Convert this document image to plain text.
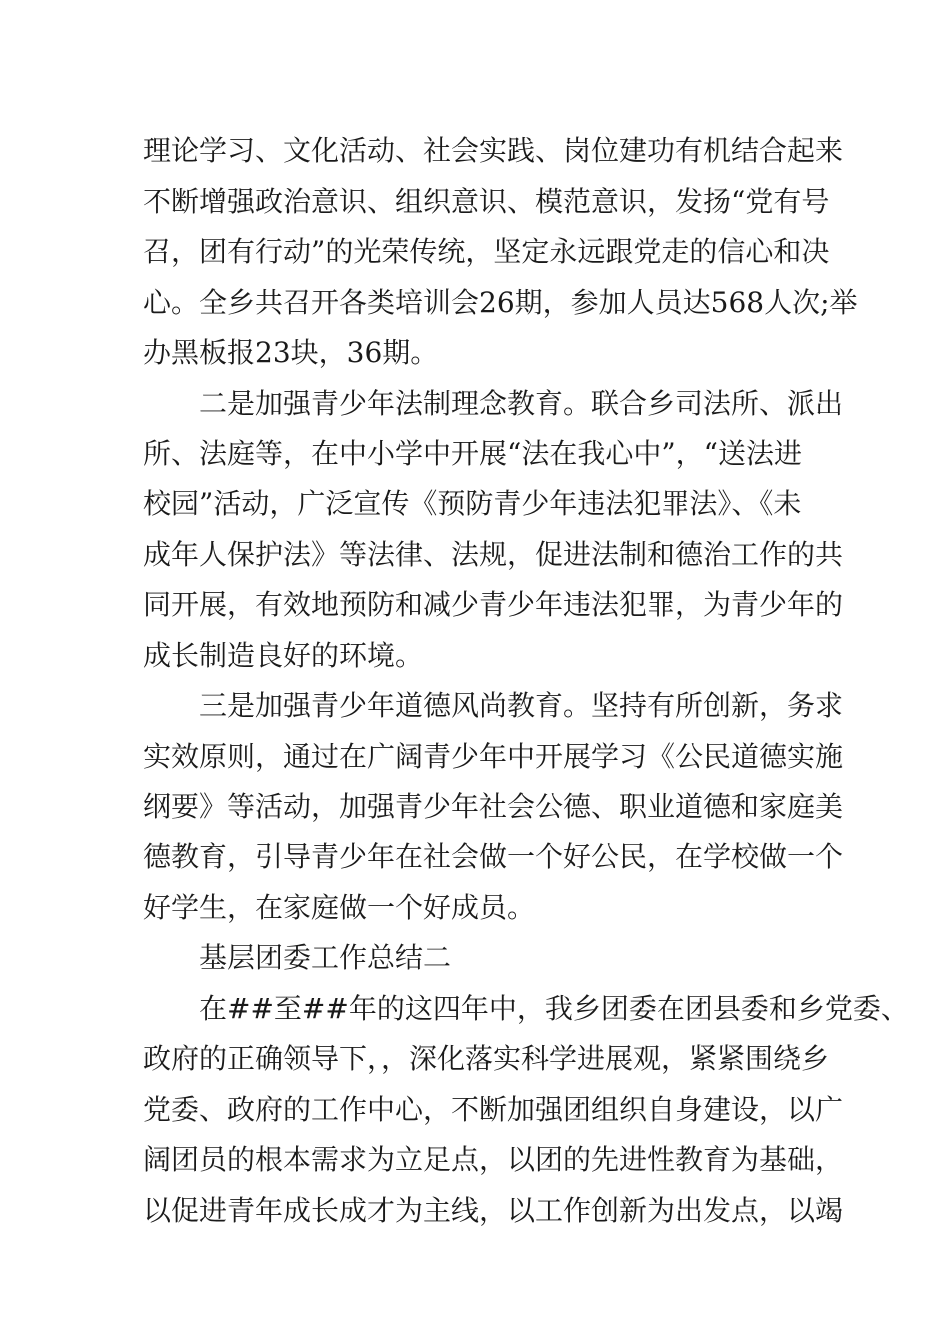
理论学习、文化活动、社会实践、岗位建功有机结合起来
不断增强政治意识、组织意识、模范意识，发扬“党有号
召，团有行动”的光荣传统，坚定永远跟党走的信心和决
心。全乡共召开各类培训会26期，参加人员达568人次;举
办黑板报23块，36期。
二是加强青少年法制理念教育。联合乡司法所、派出
所、法庭等，在中小学中开展“法在我心中”，“送法进
校园”活动，广泛宣传《预防青少年违法犯罪法》、《未
成年人保护法》等法律、法规，促进法制和德治工作的共
同开展，有效地预防和减少青少年违法犯罪，为青少年的
成长制造良好的环境。
三是加强青少年道德风尚教育。坚持有所创新，务求
实效原则，通过在广阔青少年中开展学习《公民道德实施
纲要》等活动，加强青少年社会公德、职业道德和家庭美
德教育，引导青少年在社会做一个好公民，在学校做一个
好学生，在家庭做一个好成员。
基层团委工作总结二
在##至##年的这四年中，我乡团委在团县委和乡党委、
政府的正确领导下，，深化落实科学进展观，紧紧围绕乡
党委、政府的工作中心，不断加强团组织自身建设，以广
阔团员的根本需求为立足点，以团的先进性教育为基础，
以促进青年成长成才为主线，以工作创新为出发点，以竭
